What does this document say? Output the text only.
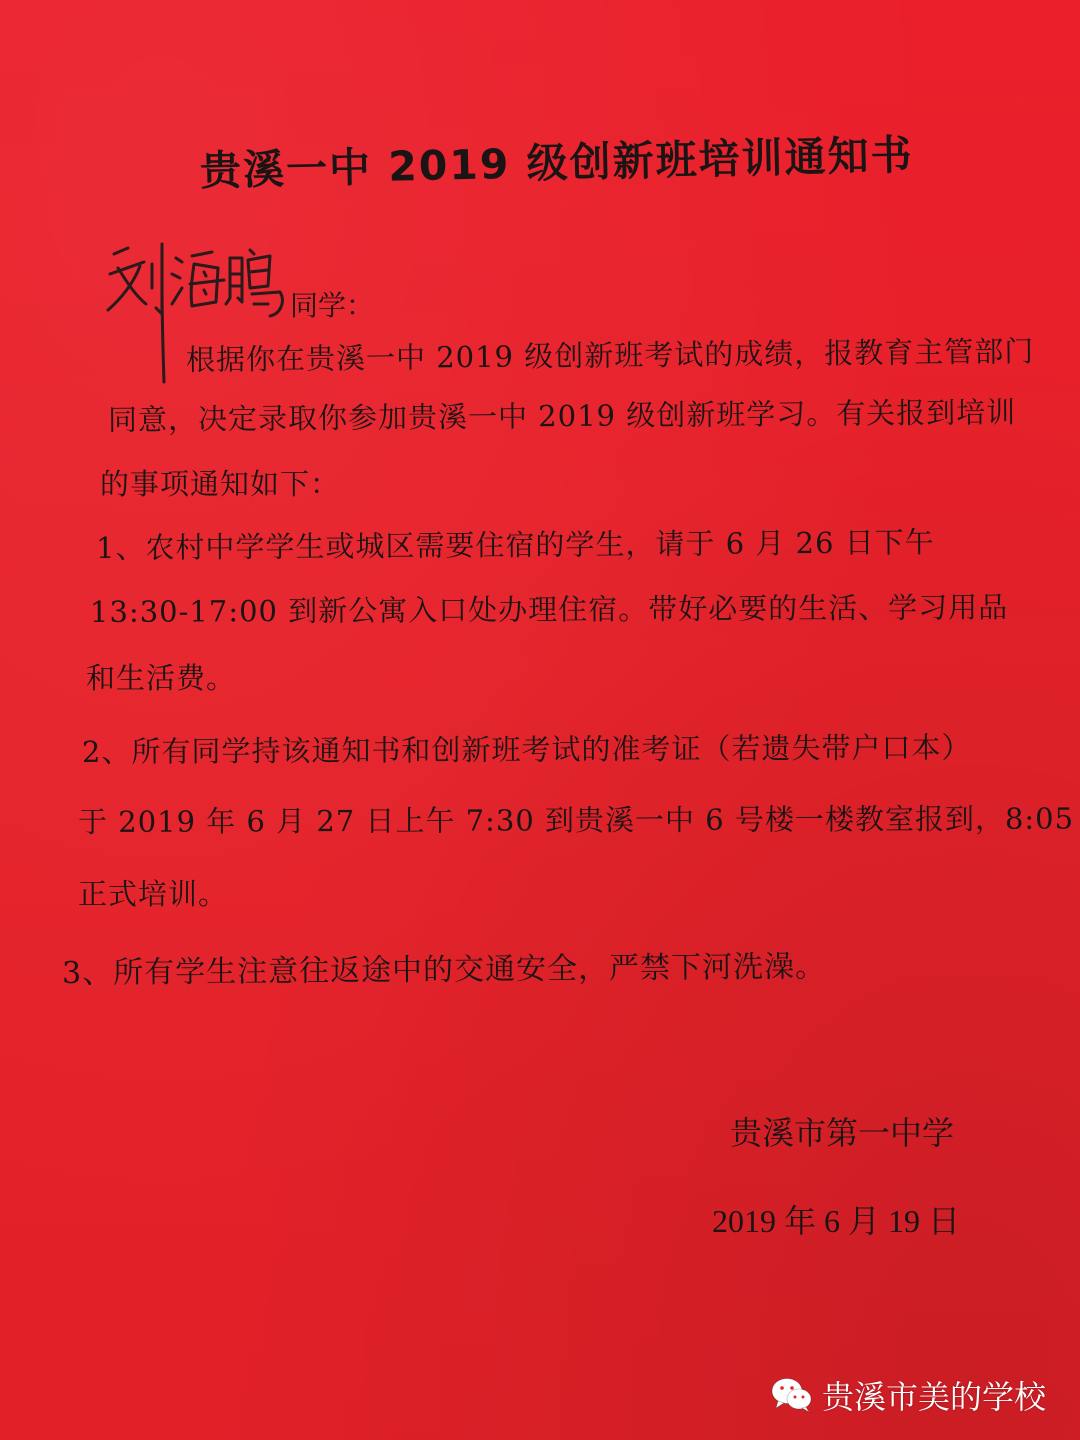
贵溪一中 2019 级创新班培训通知书
同学：
根据你在贵溪一中 2019 级创新班考试的成绩，报教育主管部门
同意，决定录取你参加贵溪一中 2019 级创新班学习。有关报到培训
的事项通知如下：
1、农村中学学生或城区需要住宿的学生，请于 6 月 26 日下午
13:30-17:00 到新公寓入口处办理住宿。带好必要的生活、学习用品
和生活费。
2、所有同学持该通知书和创新班考试的准考证（若遗失带户口本）
于 2019 年 6 月 27 日上午 7:30 到贵溪一中 6 号楼一楼教室报到，8:05
正式培训。
3、所有学生注意往返途中的交通安全，严禁下河洗澡。
贵溪市第一中学
2019 年 6 月 19 日
贵溪市美的学校
